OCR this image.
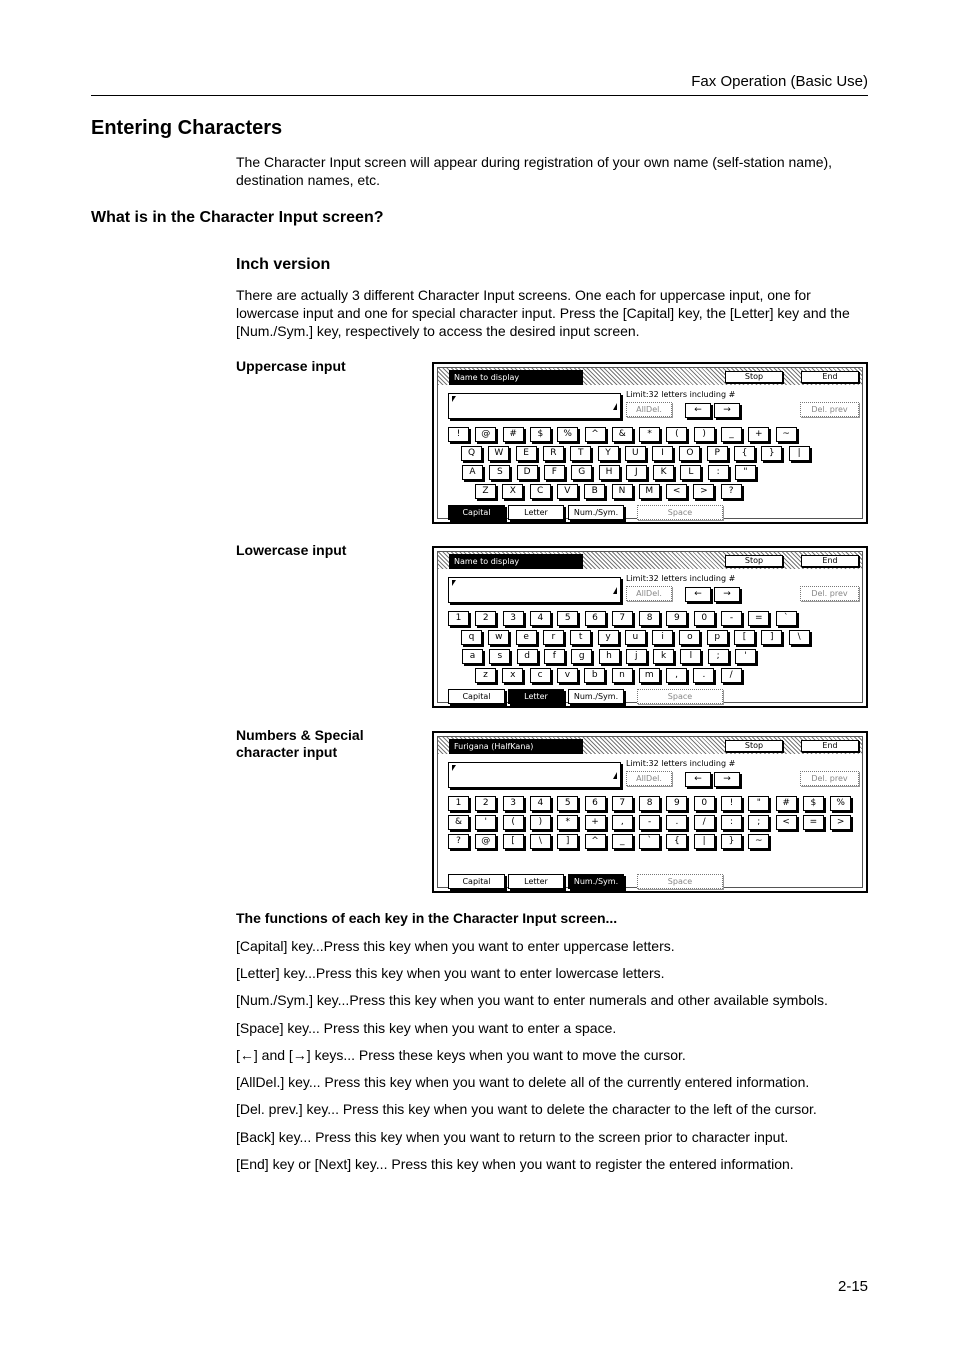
Fax Operation (Basic Use)
Entering Characters
The Character Input screen will appear during registration of your own name (self-station name), destination names, etc.
What is in the Character Input screen?
Inch version
There are actually 3 different Character Input screens. One each for uppercase input, one for lowercase input and one for special character input. Press the [Capital] key, the [Letter] key and the [Num./Sym.] key, respectively to access the desired input screen.
Uppercase input
Lowercase input
Numbers & Special character input
Name to display	Stop	End
Limit:32 letters including #
AllDel.	←	→	Del. prev
!	@	#	$	%	^	&	*	(	)	_	+	~
Q	W	E	R	T	Y	U	I	O	P	{	}	|
A	S	D	F	G	H	J	K	L	:	"
Z	X	C	V	B	N	M	<	>	?
Capital	Letter	Num./Sym.	Space
Name to display	Stop	End
Limit:32 letters including #
AllDel.	←	→	Del. prev
1	2	3	4	5	6	7	8	9	0	-	=	`
q	w	e	r	t	y	u	i	o	p	[	]	\
a	s	d	f	g	h	j	k	l	;	'
z	x	c	v	b	n	m	,	.	/
Capital	Letter	Num./Sym.	Space
Furigana (HalfKana)	Stop	End
Limit:32 letters including #
AllDel.	←	→	Del. prev
1	2	3	4	5	6	7	8	9	0	!	"	#	$	%
&	'	(	)	*	+	,	-	.	/	:	;	<	=	>
?	@	[	\	]	^	_	`	{	|	}	~
Capital	Letter	Num./Sym.	Space
The functions of each key in the Character Input screen...
[Capital] key...Press this key when you want to enter uppercase letters.
[Letter] key...Press this key when you want to enter lowercase letters.
[Num./Sym.] key...Press this key when you want to enter numerals and other available symbols.
[Space] key... Press this key when you want to enter a space.
[←] and [→] keys... Press these keys when you want to move the cursor.
[AllDel.] key... Press this key when you want to delete all of the currently entered information.
[Del. prev.] key... Press this key when you want to delete the character to the left of the cursor.
[Back] key... Press this key when you want to return to the screen prior to character input.
[End] key or [Next] key... Press this key when you want to register the entered information.
2-15
